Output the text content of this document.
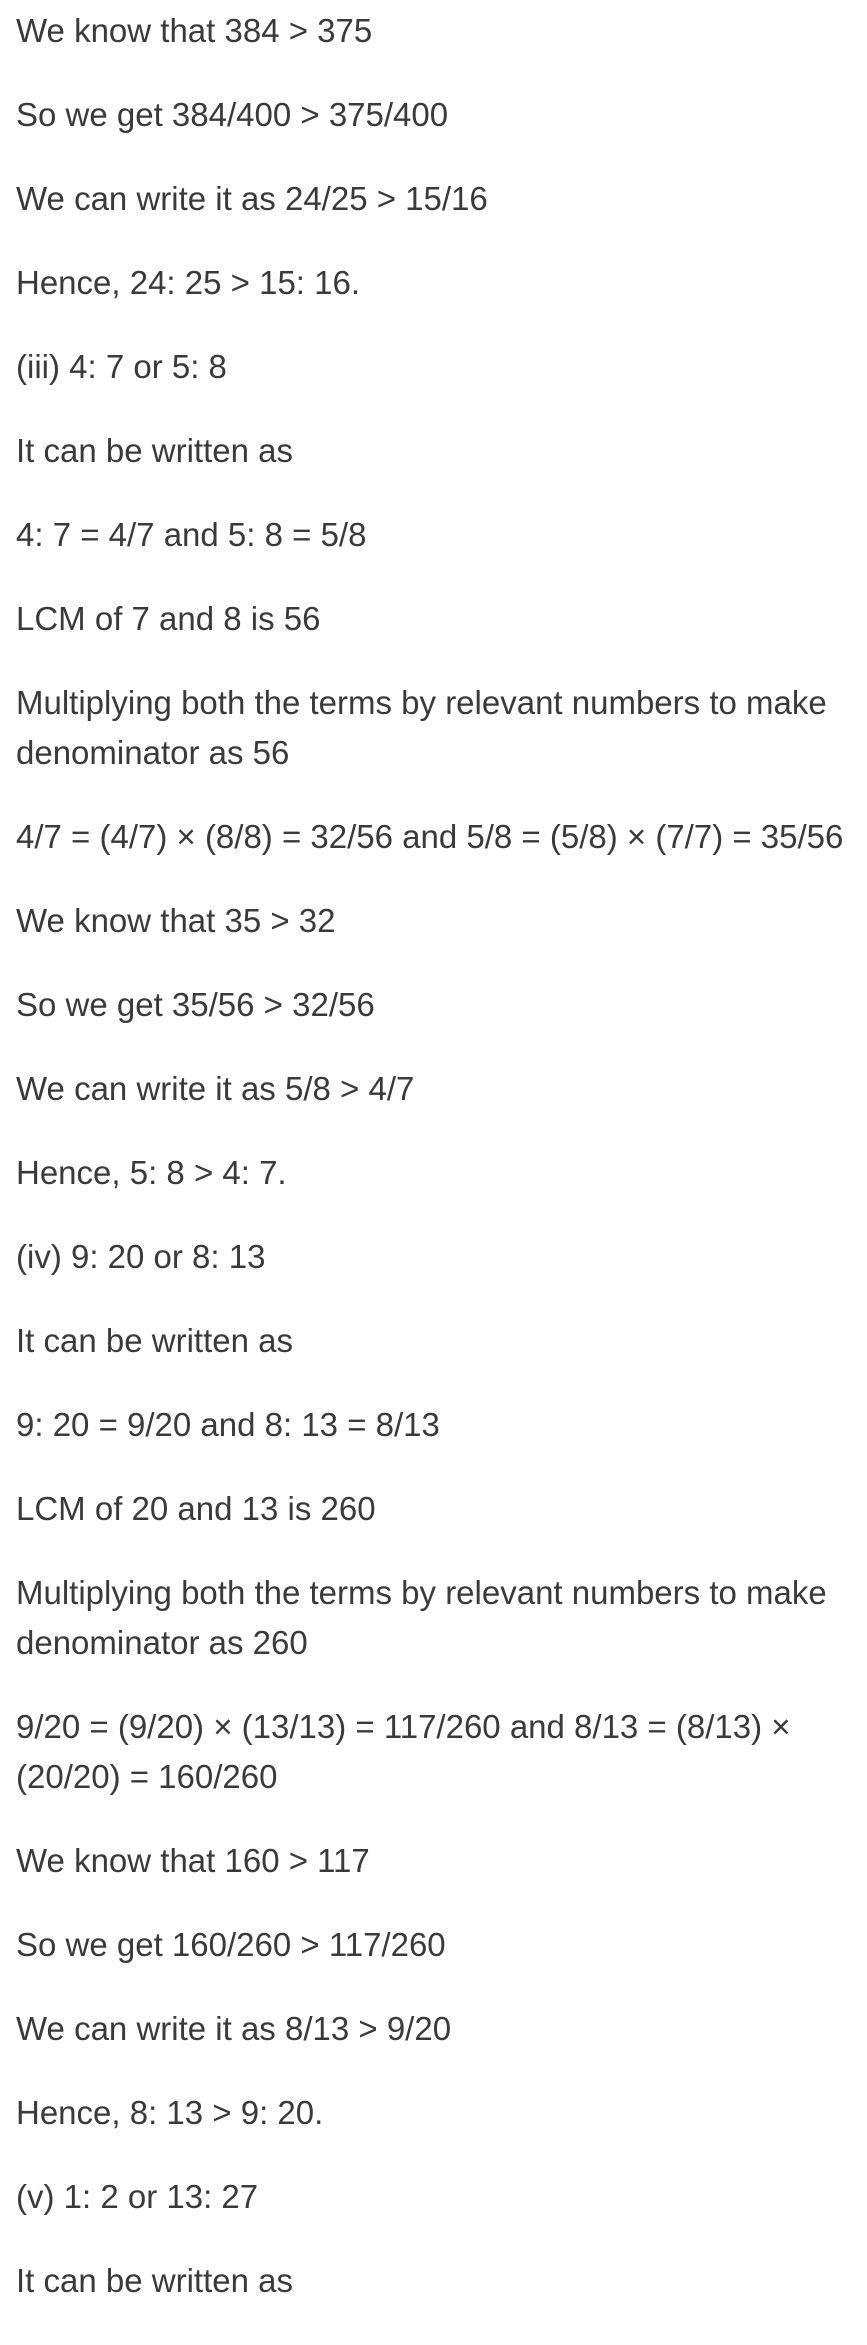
We know that 384 > 375

So we get 384/400 > 375/400

We can write it as 24/25 > 15/16

Hence, 24: 25 > 15: 16.

(iii) 4: 7 or 5: 8

It can be written as

4: 7 = 4/7 and 5: 8 = 5/8

LCM of 7 and 8 is 56

Multiplying both the terms by relevant numbers to make denominator as 56

4/7 = (4/7) × (8/8) = 32/56 and 5/8 = (5/8) × (7/7) = 35/56

We know that 35 > 32

So we get 35/56 > 32/56

We can write it as 5/8 > 4/7

Hence, 5: 8 > 4: 7.

(iv) 9: 20 or 8: 13

It can be written as

9: 20 = 9/20 and 8: 13 = 8/13

LCM of 20 and 13 is 260

Multiplying both the terms by relevant numbers to make denominator as 260

9/20 = (9/20) × (13/13) = 117/260 and 8/13 = (8/13) × (20/20) = 160/260

We know that 160 > 117

So we get 160/260 > 117/260

We can write it as 8/13 > 9/20

Hence, 8: 13 > 9: 20.

(v) 1: 2 or 13: 27

It can be written as
